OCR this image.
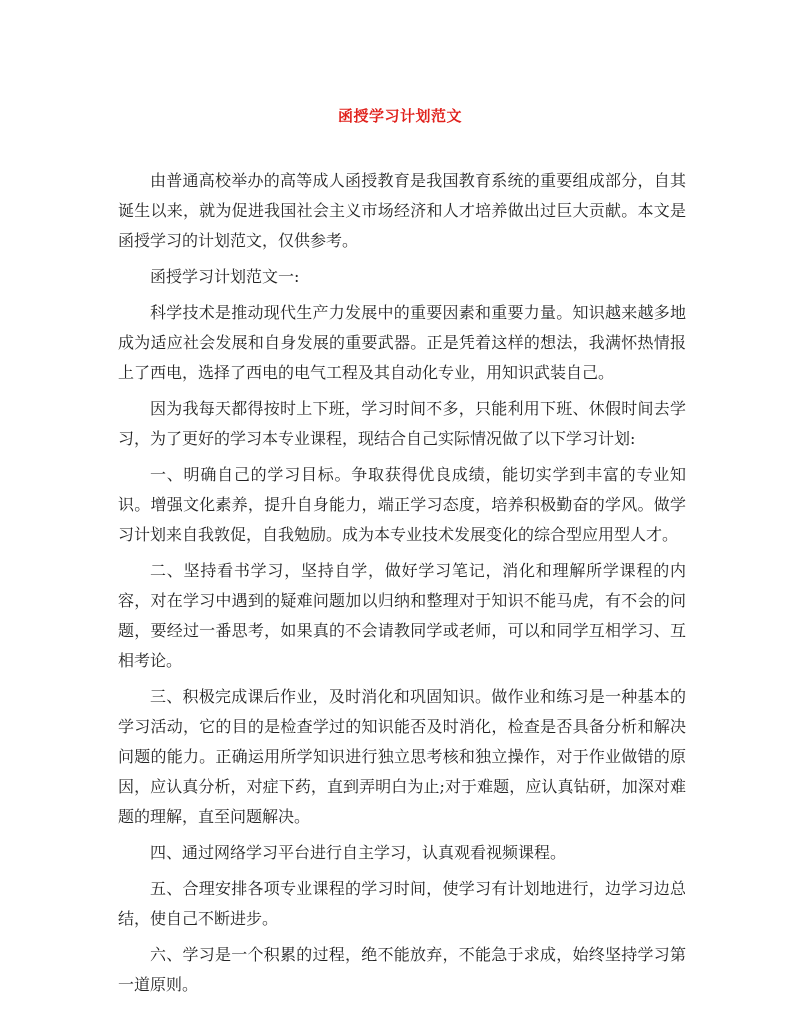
函授学习计划范文

由普通高校举办的高等成人函授教育是我国教育系统的重要组成部分，自其诞生以来，就为促进我国社会主义市场经济和人才培养做出过巨大贡献。本文是函授学习的计划范文，仅供参考。

函授学习计划范文一:

科学技术是推动现代生产力发展中的重要因素和重要力量。知识越来越多地成为适应社会发展和自身发展的重要武器。正是凭着这样的想法，我满怀热情报上了西电，选择了西电的电气工程及其自动化专业，用知识武装自己。

因为我每天都得按时上下班，学习时间不多，只能利用下班、休假时间去学习，为了更好的学习本专业课程，现结合自己实际情况做了以下学习计划:

一、明确自己的学习目标。争取获得优良成绩，能切实学到丰富的专业知识。增强文化素养，提升自身能力，端正学习态度，培养积极勤奋的学风。做学习计划来自我敦促，自我勉励。成为本专业技术发展变化的综合型应用型人才。

二、坚持看书学习，坚持自学，做好学习笔记，消化和理解所学课程的内容，对在学习中遇到的疑难问题加以归纳和整理对于知识不能马虎，有不会的问题，要经过一番思考，如果真的不会请教同学或老师，可以和同学互相学习、互相考论。

三、积极完成课后作业，及时消化和巩固知识。做作业和练习是一种基本的学习活动，它的目的是检查学过的知识能否及时消化，检查是否具备分析和解决问题的能力。正确运用所学知识进行独立思考核和独立操作，对于作业做错的原因，应认真分析，对症下药，直到弄明白为止;对于难题，应认真钻研，加深对难题的理解，直至问题解决。

四、通过网络学习平台进行自主学习，认真观看视频课程。

五、合理安排各项专业课程的学习时间，使学习有计划地进行，边学习边总结，使自己不断进步。

六、学习是一个积累的过程，绝不能放弃，不能急于求成，始终坚持学习第一道原则。
